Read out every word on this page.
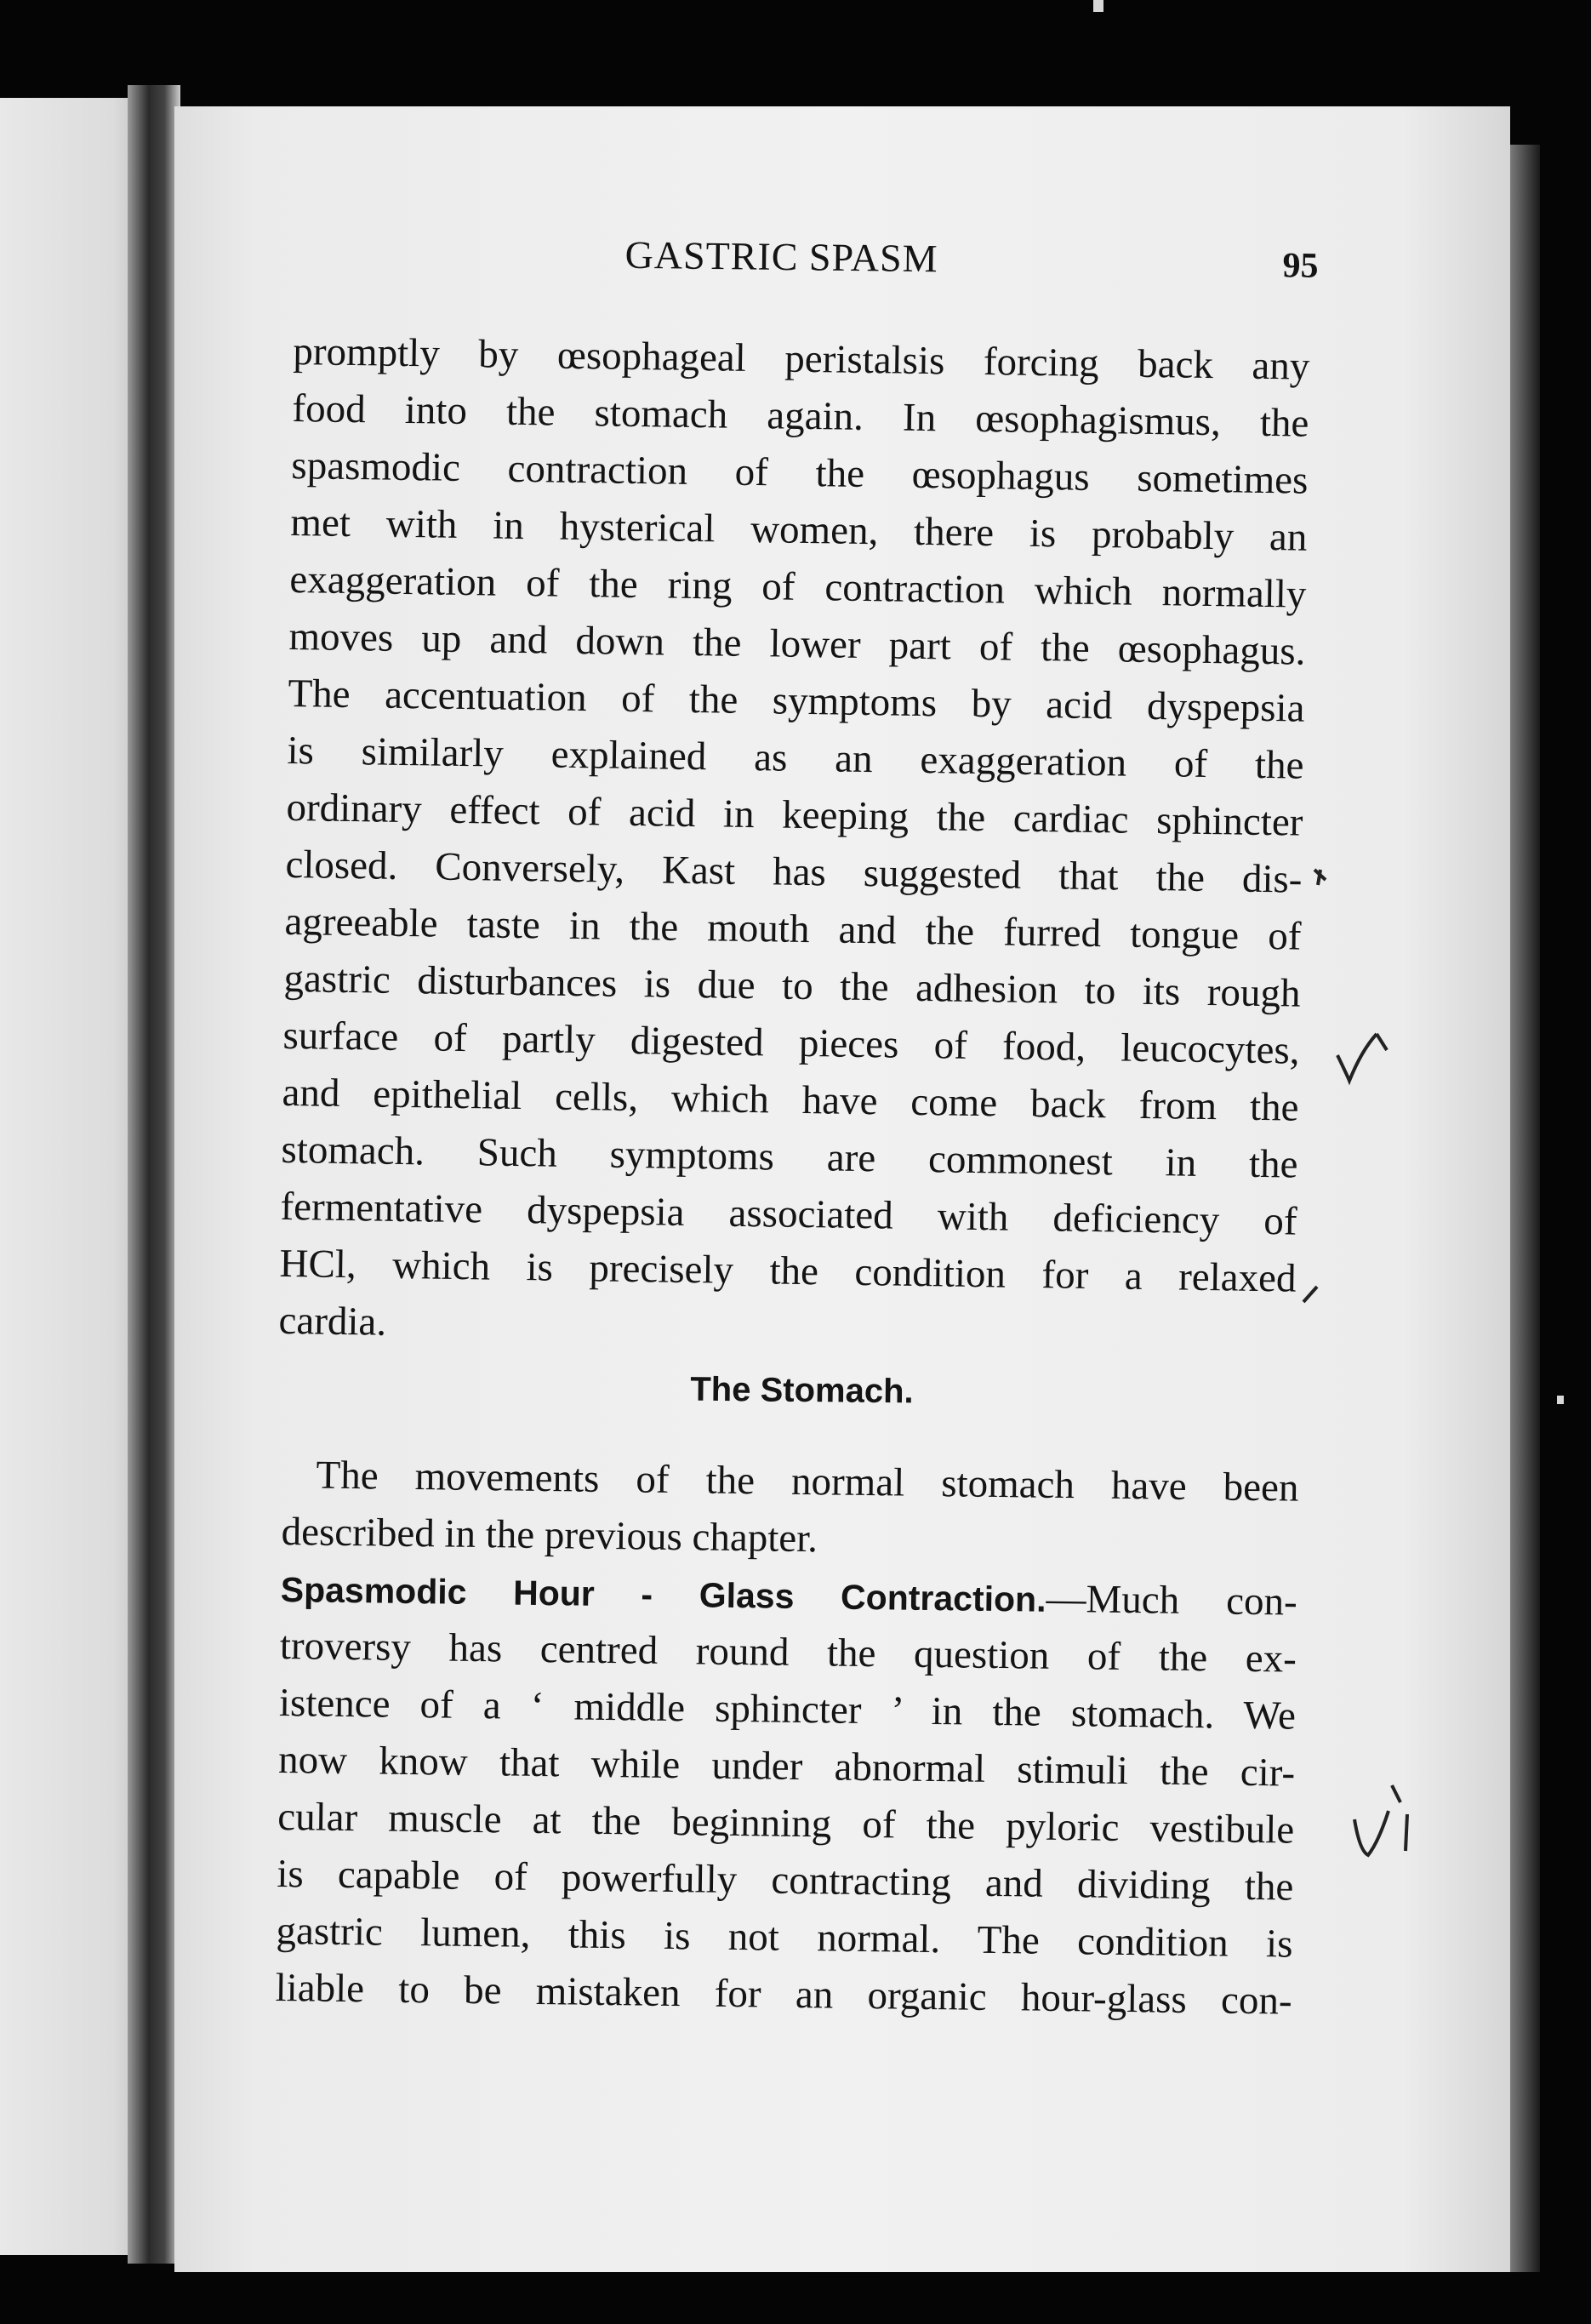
GASTRIC SPASM	95
promptly by œsophageal peristalsis forcing back any
food into the stomach again. In œsophagismus, the
spasmodic contraction of the œsophagus sometimes
met with in hysterical women, there is probably an
exaggeration of the ring of contraction which normally
moves up and down the lower part of the œsophagus.
The accentuation of the symptoms by acid dyspepsia
is similarly explained as an exaggeration of the
ordinary effect of acid in keeping the cardiac sphincter
closed. Conversely, Kast has suggested that the dis-
agreeable taste in the mouth and the furred tongue of
gastric disturbances is due to the adhesion to its rough
surface of partly digested pieces of food, leucocytes,
and epithelial cells, which have come back from the
stomach. Such symptoms are commonest in the
fermentative dyspepsia associated with deficiency of
HCl, which is precisely the condition for a relaxed
cardia.
The Stomach.
The movements of the normal stomach have been
described in the previous chapter.
Spasmodic Hour - Glass Contraction.—Much con-
troversy has centred round the question of the ex-
istence of a ‘ middle sphincter ’ in the stomach. We
now know that while under abnormal stimuli the cir-
cular muscle at the beginning of the pyloric vestibule
is capable of powerfully contracting and dividing the
gastric lumen, this is not normal. The condition is
liable to be mistaken for an organic hour-glass con-
